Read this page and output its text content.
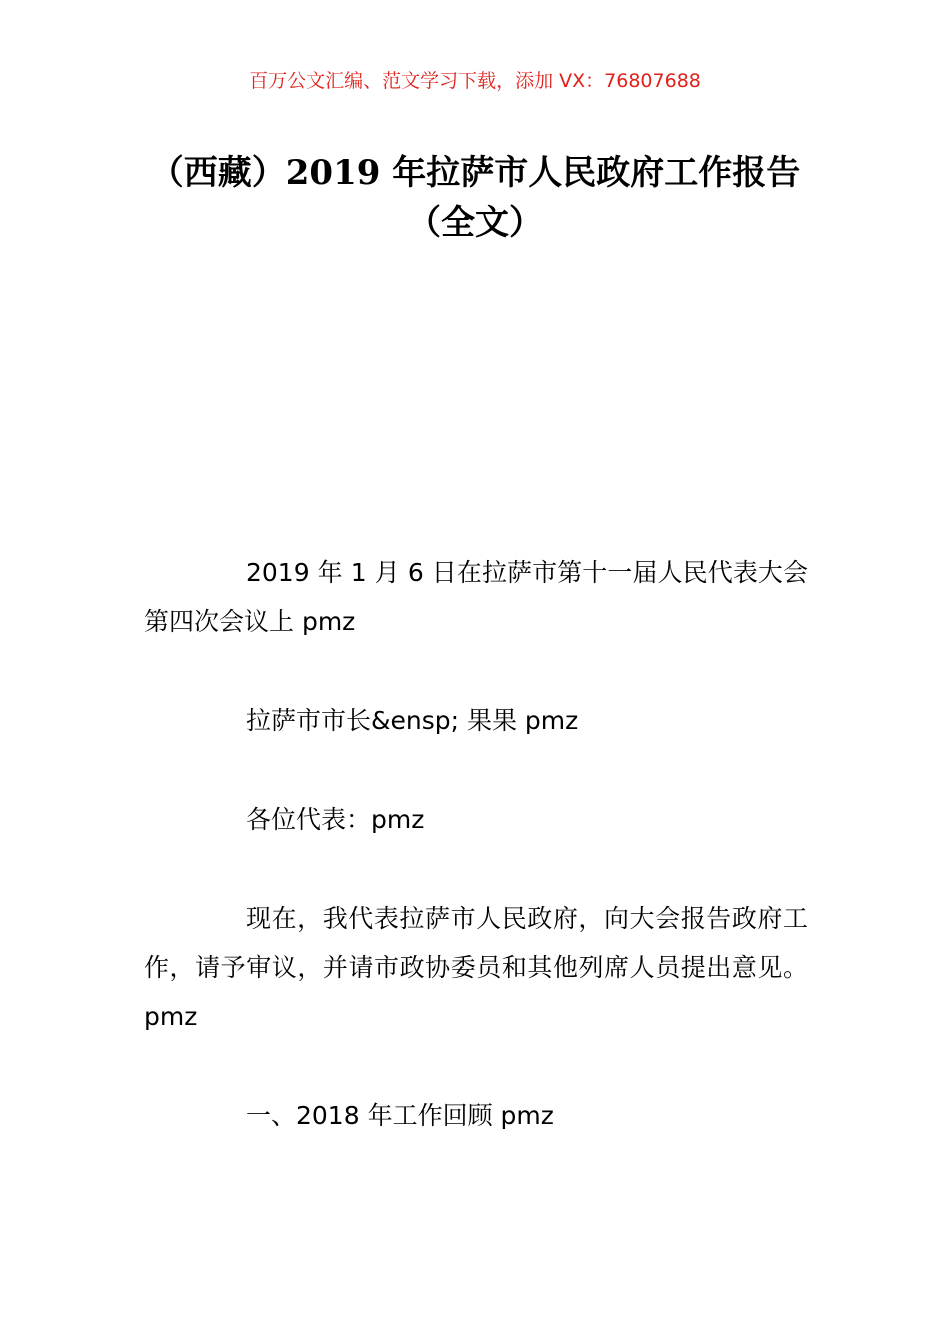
百万公文汇编、范文学习下载，添加 VX：76807688
（西藏）2019 年拉萨市人民政府工作报告
（全文）

2019 年 1 月 6 日在拉萨市第十一届人民代表大会第四次会议上 pmz

拉萨市市长&ensp; 果果 pmz

各位代表：pmz

现在，我代表拉萨市人民政府，向大会报告政府工作，请予审议，并请市政协委员和其他列席人员提出意见。pmz

一、2018 年工作回顾 pmz
